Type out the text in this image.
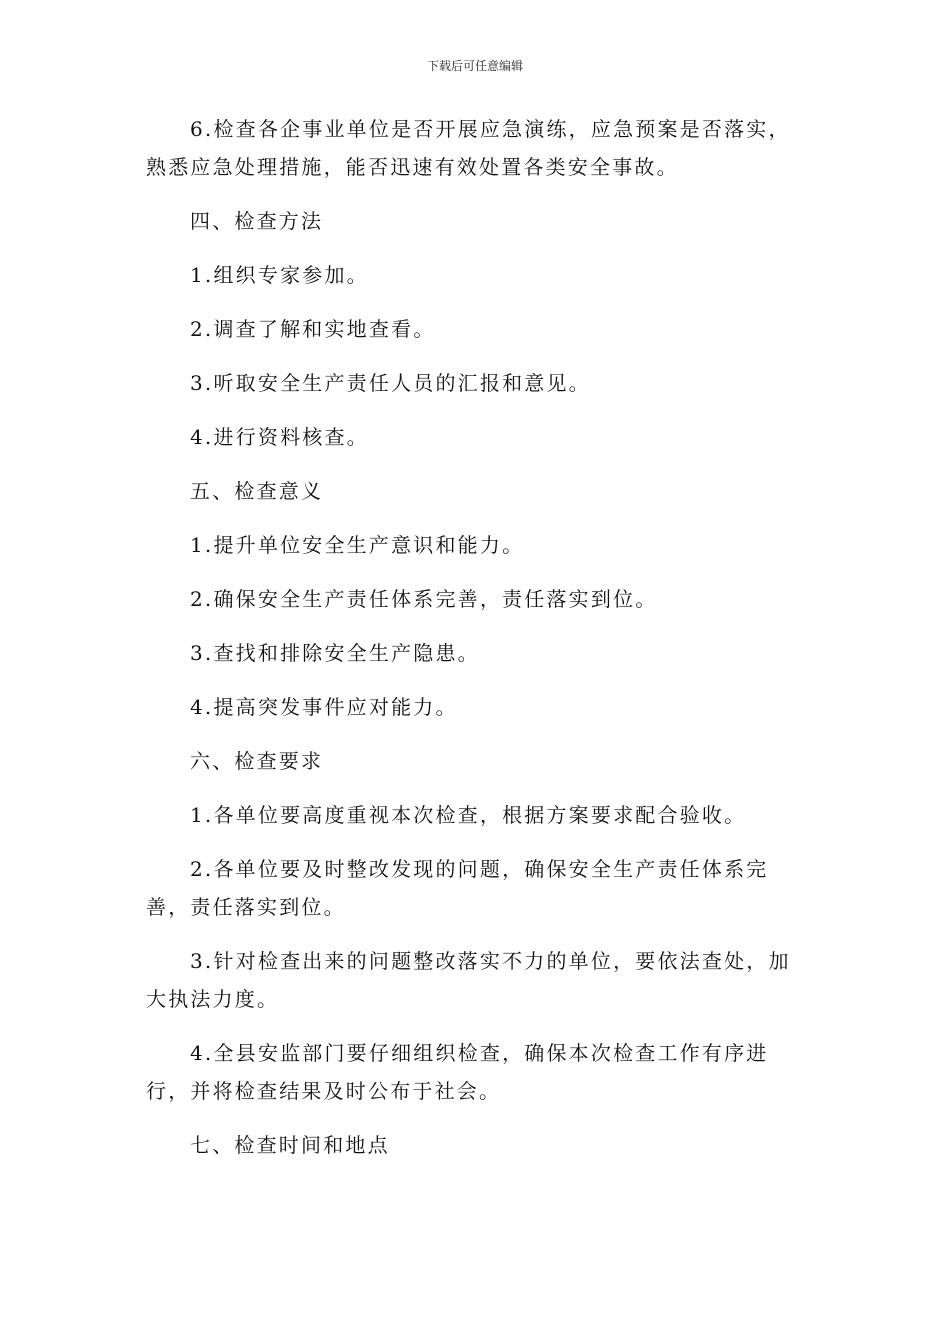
下载后可任意编辑

6.检查各企事业单位是否开展应急演练，应急预案是否落实，熟悉应急处理措施，能否迅速有效处置各类安全事故。

四、检查方法

1.组织专家参加。

2.调查了解和实地查看。

3.听取安全生产责任人员的汇报和意见。

4.进行资料核查。

五、检查意义

1.提升单位安全生产意识和能力。

2.确保安全生产责任体系完善，责任落实到位。

3.查找和排除安全生产隐患。

4.提高突发事件应对能力。

六、检查要求

1.各单位要高度重视本次检查，根据方案要求配合验收。

2.各单位要及时整改发现的问题，确保安全生产责任体系完善，责任落实到位。

3.针对检查出来的问题整改落实不力的单位，要依法查处，加大执法力度。

4.全县安监部门要仔细组织检查，确保本次检查工作有序进行，并将检查结果及时公布于社会。

七、检查时间和地点
